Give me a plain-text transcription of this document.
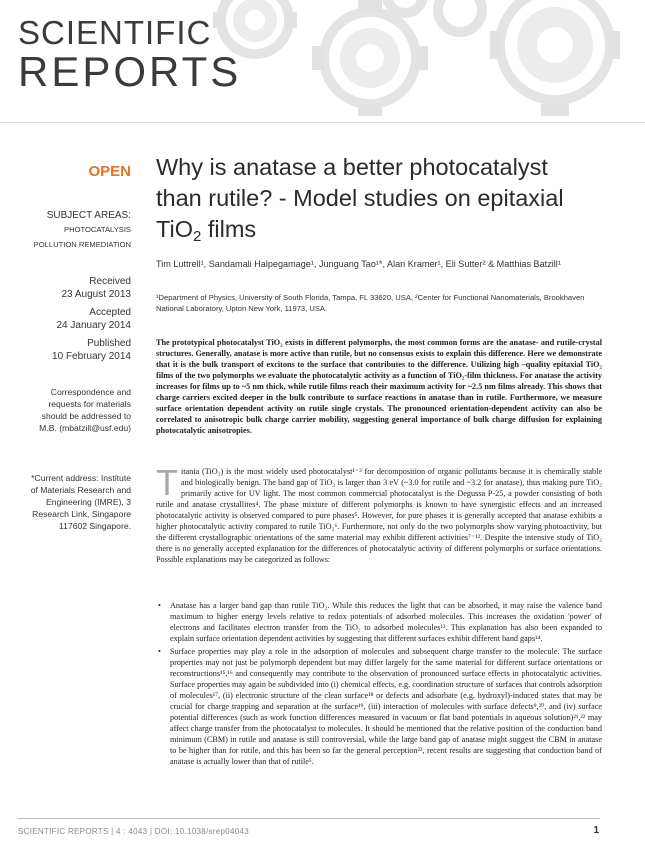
SCIENTIFIC
REPORTS
OPEN Why is anatase a better photocatalyst
than rutile? - Model studies on epitaxial
TiO$_2$ films
SUBJECT AREAS:
PHOTOCATALYSIS
POLLUTION REMEDIATION
Received
23 August 2013
Accepted
24 January 2014
Published
10 February 2014
Correspondence and requests for materials should be addressed to M.B. (mbatzill@usf.edu)
*Current address: Institute of Materials Research and Engineering (IMRE), 3 Research Link, Singapore 117602 Singapore.
Tim Luttrell¹, Sandamali Halpegamage¹, Junguang Tao¹*, Alan Kramer¹, Eli Sutter² & Matthias Batzill¹
¹Department of Physics, University of South Florida, Tampa, FL 33620, USA, ²Center for Functional Nanomaterials, Brookhaven National Laboratory, Upton New York, 11973, USA.
The prototypical photocatalyst TiO₂ exists in different polymorphs, the most common forms are the anatase- and rutile-crystal structures. Generally, anatase is more active than rutile, but no consensus exists to explain this difference. Here we demonstrate that it is the bulk transport of excitons to the surface that contributes to the difference. Utilizing high –quality epitaxial TiO₂ films of the two polymorphs we evaluate the photocatalytic activity as a function of TiO₂-film thickness. For anatase the activity increases for films up to ~5 nm thick, while rutile films reach their maximum activity for ~2.5 nm films already. This shows that charge carriers excited deeper in the bulk contribute to surface reactions in anatase than in rutile. Furthermore, we measure surface orientation dependent activity on rutile single crystals. The pronounced orientation-dependent activity can also be correlated to anisotropic bulk charge carrier mobility, suggesting general importance of bulk charge diffusion for explaining photocatalytic anisotropies.
Titania (TiO₂) is the most widely used photocatalyst¹⁻³ for decomposition of organic pollutants because it is chemically stable and biologically benign. The band gap of TiO₂ is larger than 3 eV (~3.0 for rutile and ~3.2 for anatase), thus making pure TiO₂ primarily active for UV light. The most common commercial photocatalyst is the Degussa P-25, a powder consisting of both rutile and anatase crystallites⁴. The phase mixture of different polymorphs is known to have synergistic effects and an increased photocatalytic activity is observed compared to pure phases⁵. However, for pure phases it is generally accepted that anatase exhibits a higher photocatalytic activity compared to rutile TiO₂⁶. Furthermore, not only do the two polymorphs show varying photoactivity, but the different crystallographic orientations of the same material may exhibit different activities⁷⁻¹². Despite the intensive study of TiO₂ there is no generally accepted explanation for the differences of photocatalytic activity of different polymorphs or surface orientations. Possible explanations may be categorized as follows:
• Anatase has a larger band gap than rutile TiO₂. While this reduces the light that can be absorbed, it may raise the valence band maximum to higher energy levels relative to redox potentials of adsorbed molecules. This increases the oxidation 'power' of electrons and facilitates electron transfer from the TiO₂ to adsorbed molecules¹³. This explanation has also been expanded to explain surface orientation dependent activities by suggesting that different surfaces exhibit different band gaps¹⁴.
• Surface properties may play a role in the adsorption of molecules and subsequent charge transfer to the molecule. The surface properties may not just be polymorph dependent but may differ largely for the same material for different surface orientations or reconstructions¹⁵,¹⁶ and consequently may contribute to the observation of pronounced surface effects in photocatalytic activities. Surface properties may again be subdivided into (i) chemical effects, e.g. coordination structure of surfaces that controls adsorption of molecules¹⁷, (ii) electronic structure of the clean surface¹⁸ or defects and adsorbate (e.g. hydroxyl)-induced states that may be crucial for charge trapping and separation at the surface¹⁹, (iii) interaction of molecules with surface defects⁹,²⁰, and (iv) surface potential differences (such as work function differences measured in vacuum or flat band potentials in aqueous solution)²¹,²² may affect charge transfer from the photocatalyst to molecules. It should be mentioned that the relative position of the conduction band minimum (CBM) in rutile and anatase is still controversial, while the large band gap of anatase might suggest the CBM in anatase to be higher than for rutile, and this has been so far the general perception²³, recent results are suggesting that conduction band of anatase is actually lower than that of rutile⁵.
SCIENTIFIC REPORTS | 4 : 4043 | DOI: 10.1038/srep04043	1
